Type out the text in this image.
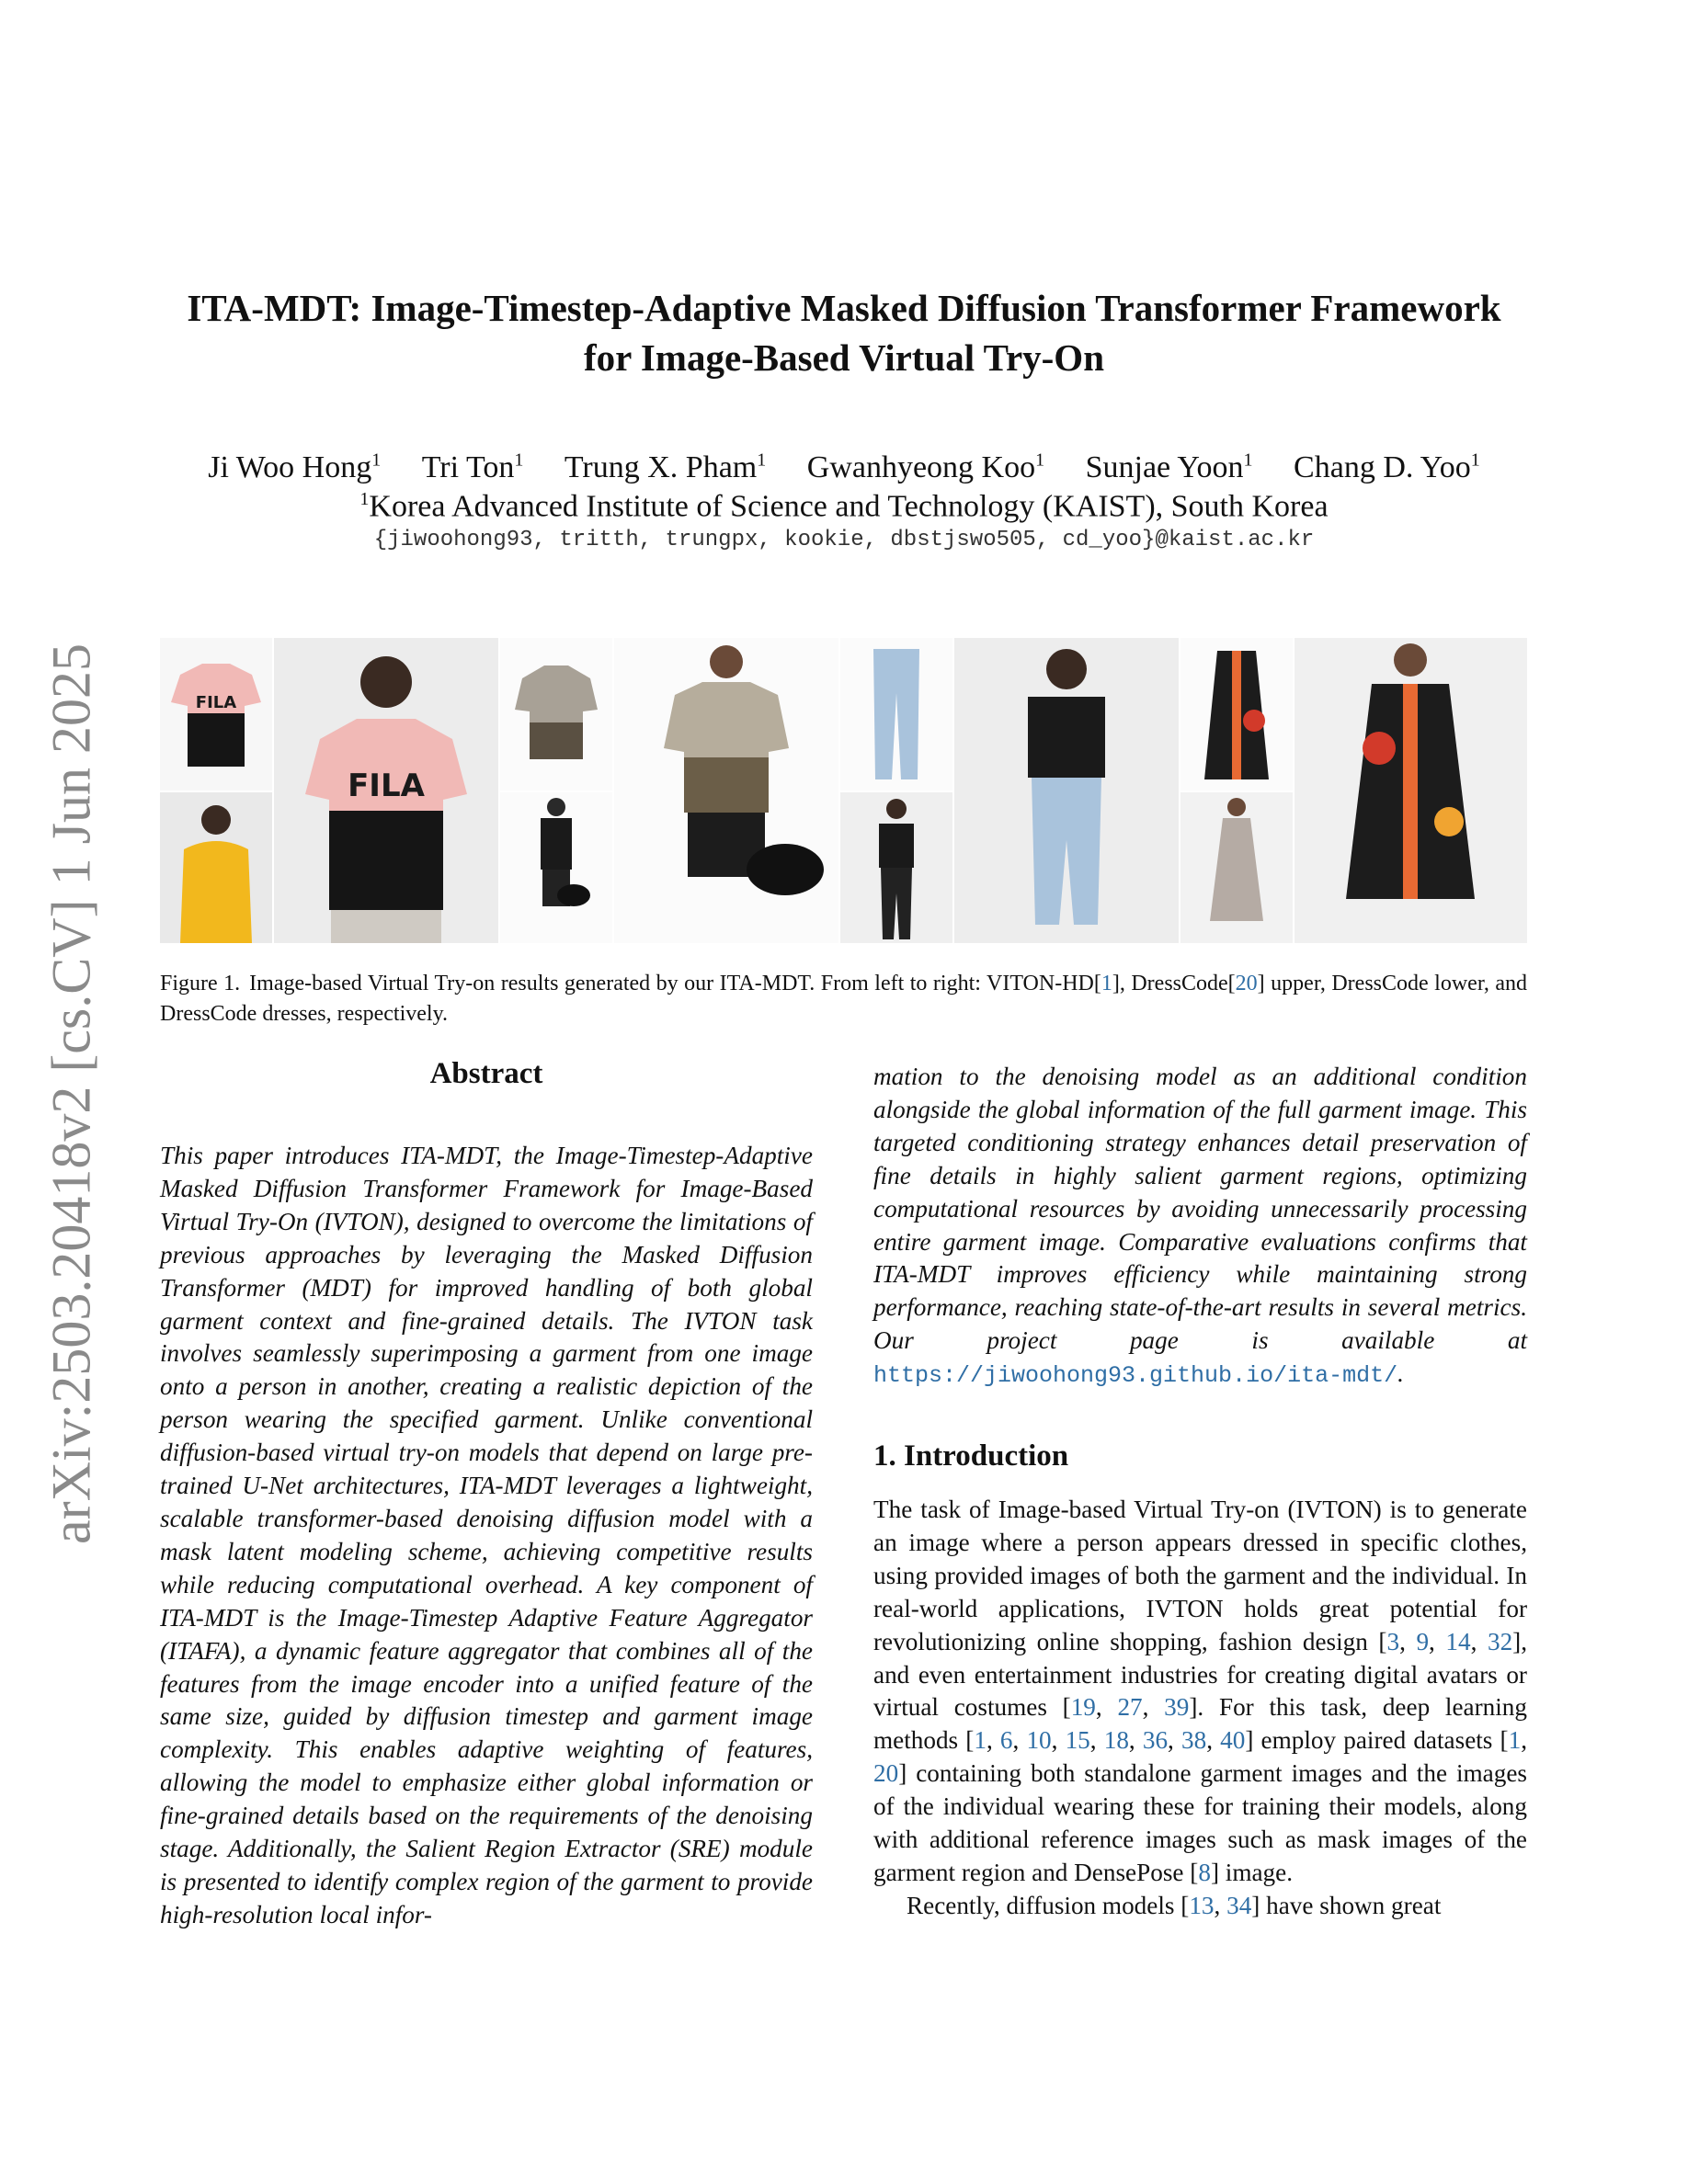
arXiv:2503.20418v2 [cs.CV] 1 Jun 2025
ITA-MDT: Image-Timestep-Adaptive Masked Diffusion Transformer Framework
for Image-Based Virtual Try-On
Ji Woo Hong$^1$ Tri Ton$^1$ Trung X. Pham$^1$ Gwanhyeong Koo$^1$ Sunjae Yoon$^1$ Chang D. Yoo$^1$
$^1$Korea Advanced Institute of Science and Technology (KAIST), South Korea
{jiwoohong93, tritth, trungpx, kookie, dbstjswo505, cd_yoo}@kaist.ac.kr
FILA
FILA
Figure 1. Image-based Virtual Try-on results generated by our ITA-MDT. From left to right: VITON-HD[1], DressCode[20] upper, DressCode lower, and DressCode dresses, respectively.
Abstract

This paper introduces ITA-MDT, the Image-Timestep-Adaptive Masked Diffusion Transformer Framework for Image-Based Virtual Try-On (IVTON), designed to overcome the limitations of previous approaches by leveraging the Masked Diffusion Transformer (MDT) for improved handling of both global garment context and fine-grained details. The IVTON task involves seamlessly superimposing a garment from one image onto a person in another, creating a realistic depiction of the person wearing the specified garment. Unlike conventional diffusion-based virtual try-on models that depend on large pre-trained U-Net architectures, ITA-MDT leverages a lightweight, scalable transformer-based denoising diffusion model with a mask latent modeling scheme, achieving competitive results while reducing computational overhead. A key component of ITA-MDT is the Image-Timestep Adaptive Feature Aggregator (ITAFA), a dynamic feature aggregator that combines all of the features from the image encoder into a unified feature of the same size, guided by diffusion timestep and garment image complexity. This enables adaptive weighting of features, allowing the model to emphasize either global information or fine-grained details based on the requirements of the denoising stage. Additionally, the Salient Region Extractor (SRE) module is presented to identify complex region of the garment to provide high-resolution local infor-

mation to the denoising model as an additional condition alongside the global information of the full garment image. This targeted conditioning strategy enhances detail preservation of fine details in highly salient garment regions, optimizing computational resources by avoiding unnecessarily processing entire garment image. Comparative evaluations confirms that ITA-MDT improves efficiency while maintaining strong performance, reaching state-of-the-art results in several metrics. Our project page is available at https://jiwoohong93.github.io/ita-mdt/.

1. Introduction

The task of Image-based Virtual Try-on (IVTON) is to generate an image where a person appears dressed in specific clothes, using provided images of both the garment and the individual. In real-world applications, IVTON holds great potential for revolutionizing online shopping, fashion design [3, 9, 14, 32], and even entertainment industries for creating digital avatars or virtual costumes [19, 27, 39]. For this task, deep learning methods [1, 6, 10, 15, 18, 36, 38, 40] employ paired datasets [1, 20] containing both standalone garment images and the images of the individual wearing these for training their models, along with additional reference images such as mask images of the garment region and DensePose [8] image.

Recently, diffusion models [13, 34] have shown great
